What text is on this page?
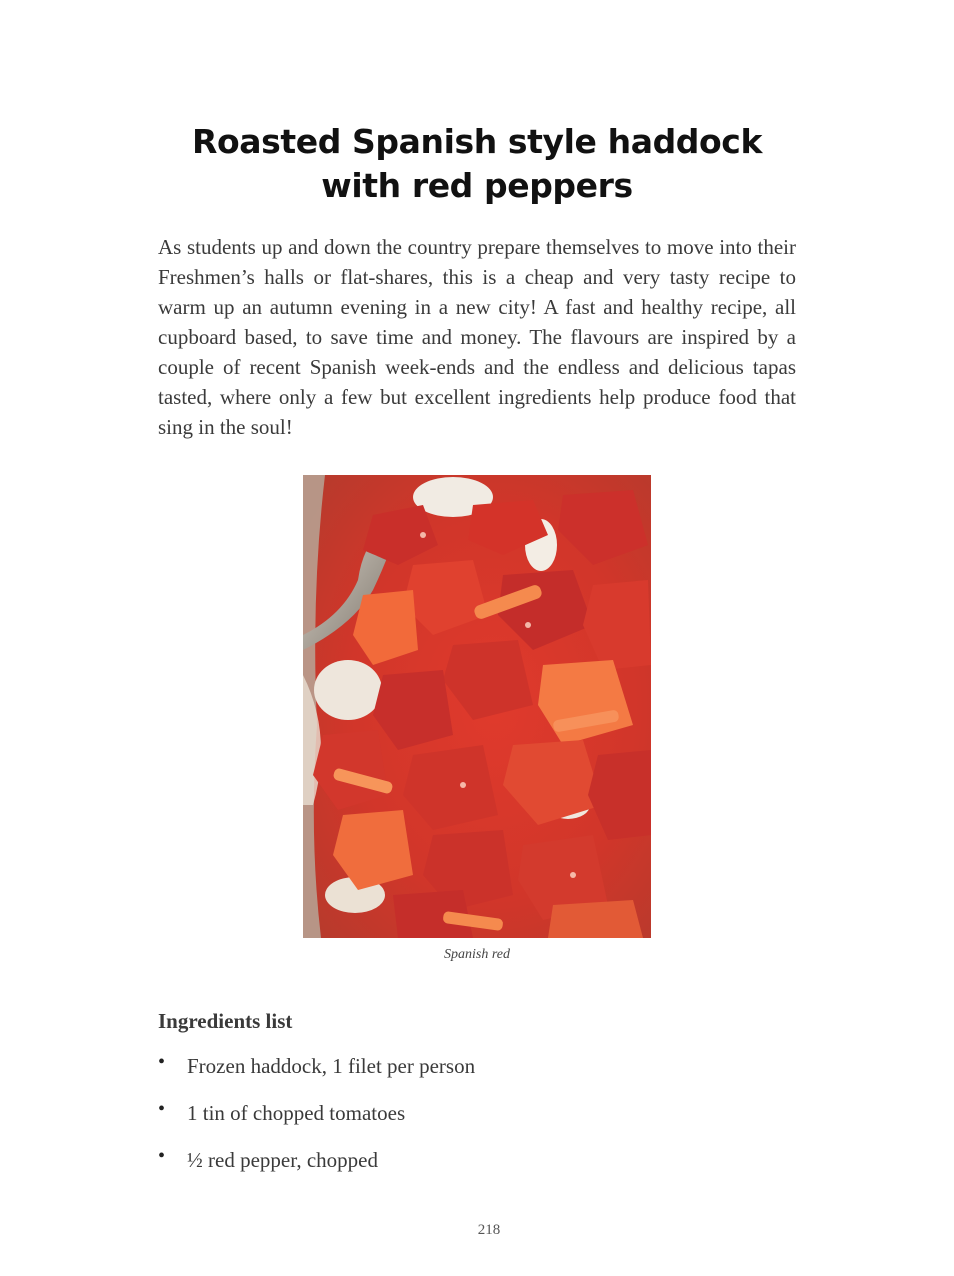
Roasted Spanish style haddock with red peppers

As students up and down the country prepare themselves to move into their Freshmen’s halls or flat-shares, this is a cheap and very tasty recipe to warm up an autumn evening in a new city! A fast and healthy recipe, all cupboard based, to save time and money. The flavours are inspired by a couple of recent Spanish week-ends and the endless and delicious tapas tasted, where only a few but excellent ingredients help produce food that sing in the soul!

Spanish red

Ingredients list
• Frozen haddock, 1 filet per person
• 1 tin of chopped tomatoes
• ½ red pepper, chopped

218
